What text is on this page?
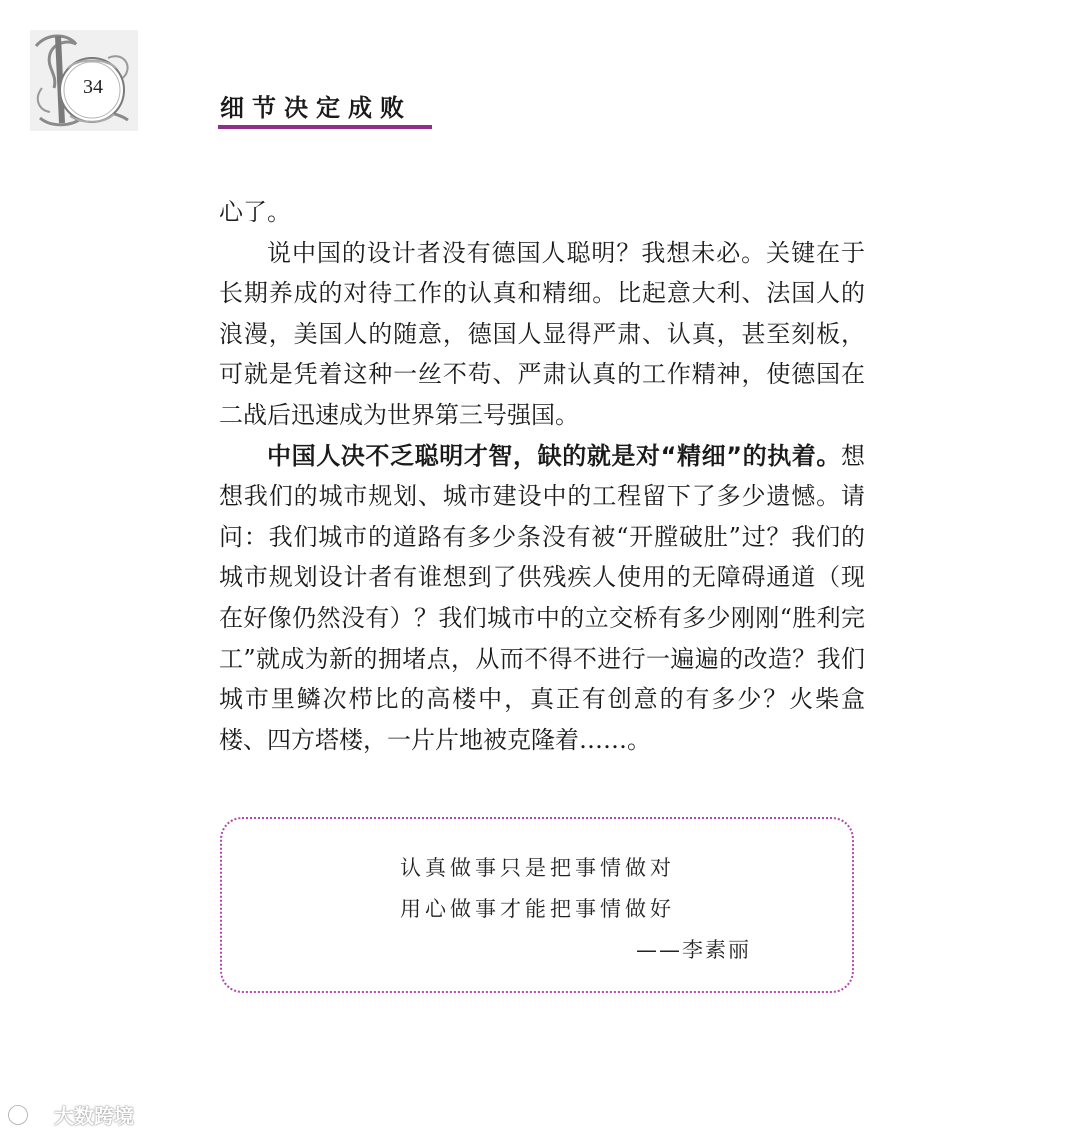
34
细节决定成败

心了。

说中国的设计者没有德国人聪明？我想未必。关键在于长期养成的对待工作的认真和精细。比起意大利、法国人的浪漫，美国人的随意，德国人显得严肃、认真，甚至刻板，可就是凭着这种一丝不苟、严肃认真的工作精神，使德国在二战后迅速成为世界第三号强国。

中国人决不乏聪明才智，缺的就是对“精细”的执着。想想我们的城市规划、城市建设中的工程留下了多少遗憾。请问：我们城市的道路有多少条没有被“开膛破肚”过？我们的城市规划设计者有谁想到了供残疾人使用的无障碍通道（现在好像仍然没有）？我们城市中的立交桥有多少刚刚“胜利完工”就成为新的拥堵点，从而不得不进行一遍遍的改造？我们城市里鳞次栉比的高楼中，真正有创意的有多少？火柴盒楼、四方塔楼，一片片地被克隆着……。

认真做事只是把事情做对
用心做事才能把事情做好
——李素丽
大数跨境
